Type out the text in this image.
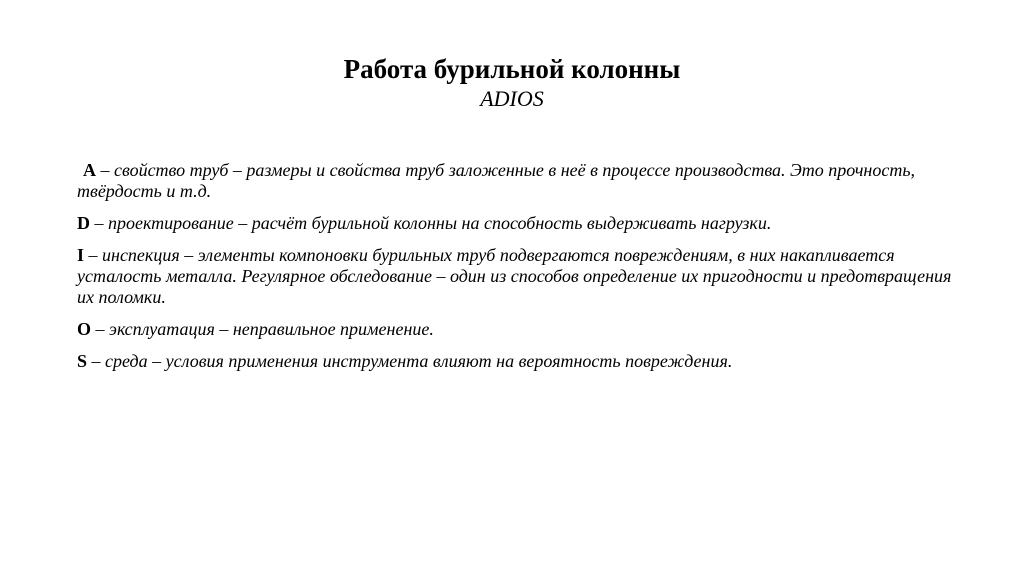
Работа бурильной колонны

ADIOS

A – свойство труб – размеры и свойства труб заложенные в неё в процессе производства. Это прочность, твёрдость и т.д.

D – проектирование – расчёт бурильной колонны на способность выдерживать нагрузки.

I – инспекция – элементы компоновки бурильных труб подвергаются повреждениям, в них накапливается усталость металла. Регулярное обследование – один из способов определение их пригодности и предотвращения их поломки.

O – эксплуатация – неправильное применение.

S – среда – условия применения инструмента влияют на вероятность повреждения.
